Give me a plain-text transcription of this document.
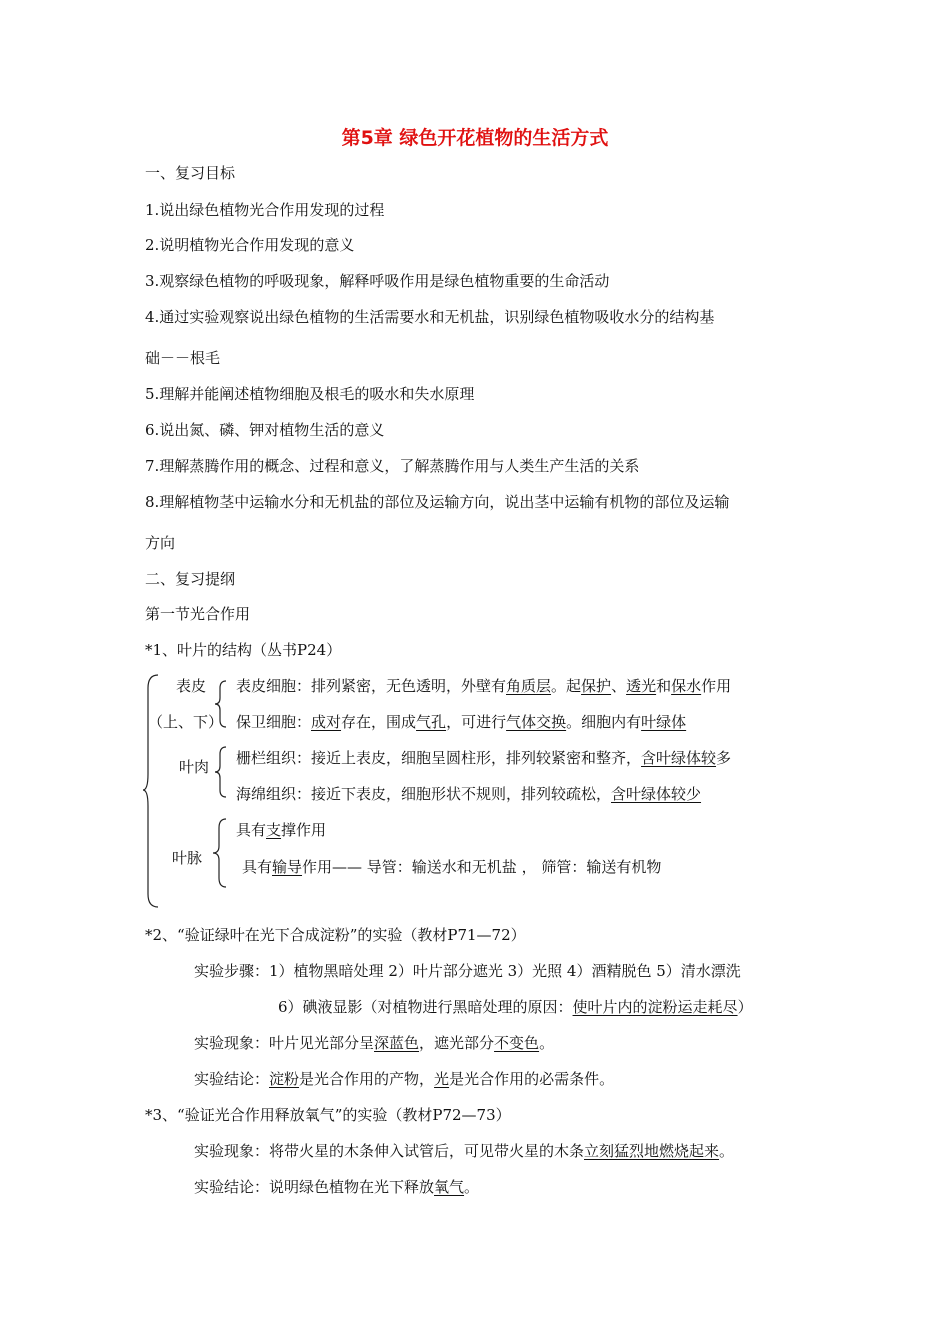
第5章 绿色开花植物的生活方式
一、复习目标
1.说出绿色植物光合作用发现的过程
2.说明植物光合作用发现的意义
3.观察绿色植物的呼吸现象，解释呼吸作用是绿色植物重要的生命活动
4.通过实验观察说出绿色植物的生活需要水和无机盐，识别绿色植物吸收水分的结构基
础－－根毛
5.理解并能阐述植物细胞及根毛的吸水和失水原理
6.说出氮、磷、钾对植物生活的意义
7.理解蒸腾作用的概念、过程和意义，了解蒸腾作用与人类生产生活的关系
8.理解植物茎中运输水分和无机盐的部位及运输方向，说出茎中运输有机物的部位及运输
方向
二、复习提纲
第一节光合作用
*1、叶片的结构（丛书P24）
表皮
（上、下）
表皮细胞：排列紧密，无色透明，外壁有角质层。起保护、透光和保水作用
保卫细胞：成对存在，围成气孔，可进行气体交换。细胞内有叶绿体
叶肉 栅栏组织：接近上表皮，细胞呈圆柱形，排列较紧密和整齐，含叶绿体较多
海绵组织：接近下表皮，细胞形状不规则，排列较疏松，含叶绿体较少
叶脉
具有支撑作用
具有输导作用—— 导管：输送水和无机盐 ， 筛管：输送有机物
*2、“验证绿叶在光下合成淀粉”的实验（教材P71—72）
实验步骤：1）植物黑暗处理 2）叶片部分遮光 3）光照 4）酒精脱色 5）清水漂洗
6）碘液显影（对植物进行黑暗处理的原因：使叶片内的淀粉运走耗尽）
实验现象：叶片见光部分呈深蓝色，遮光部分不变色。
实验结论：淀粉是光合作用的产物，光是光合作用的必需条件。
*3、“验证光合作用释放氧气”的实验（教材P72—73）
实验现象：将带火星的木条伸入试管后，可见带火星的木条立刻猛烈地燃烧起来。
实验结论：说明绿色植物在光下释放氧气。
